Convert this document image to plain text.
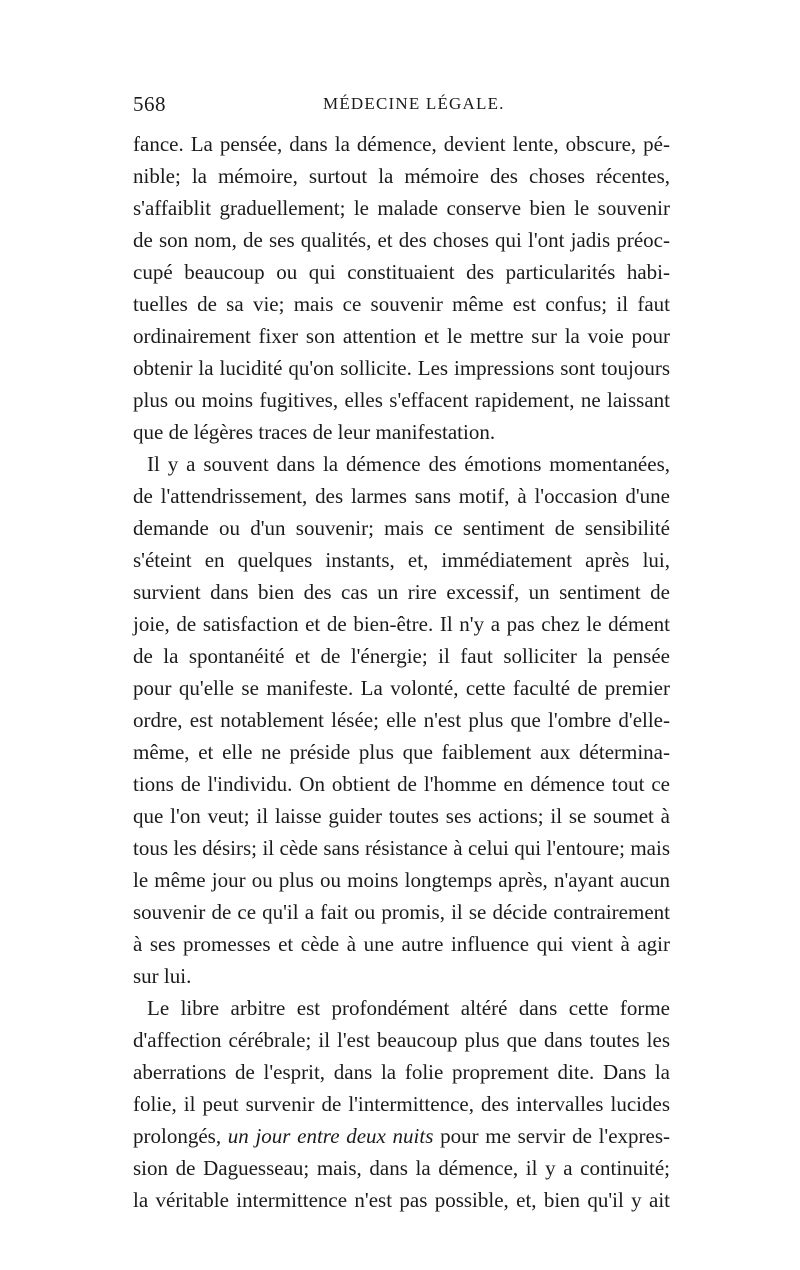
568	MÉDECINE LÉGALE.
fance. La pensée, dans la démence, devient lente, obscure, pé-
nible; la mémoire, surtout la mémoire des choses récentes,
s'affaiblit graduellement; le malade conserve bien le souvenir
de son nom, de ses qualités, et des choses qui l'ont jadis préoc-
cupé beaucoup ou qui constituaient des particularités habi-
tuelles de sa vie; mais ce souvenir même est confus; il faut
ordinairement fixer son attention et le mettre sur la voie pour
obtenir la lucidité qu'on sollicite. Les impressions sont toujours
plus ou moins fugitives, elles s'effacent rapidement, ne laissant
que de légères traces de leur manifestation.
Il y a souvent dans la démence des émotions momentanées,
de l'attendrissement, des larmes sans motif, à l'occasion d'une
demande ou d'un souvenir; mais ce sentiment de sensibilité
s'éteint en quelques instants, et, immédiatement après lui,
survient dans bien des cas un rire excessif, un sentiment de
joie, de satisfaction et de bien-être. Il n'y a pas chez le dément
de la spontanéité et de l'énergie; il faut solliciter la pensée
pour qu'elle se manifeste. La volonté, cette faculté de premier
ordre, est notablement lésée; elle n'est plus que l'ombre d'elle-
même, et elle ne préside plus que faiblement aux détermina-
tions de l'individu. On obtient de l'homme en démence tout ce
que l'on veut; il laisse guider toutes ses actions; il se soumet à
tous les désirs; il cède sans résistance à celui qui l'entoure; mais
le même jour ou plus ou moins longtemps après, n'ayant aucun
souvenir de ce qu'il a fait ou promis, il se décide contrairement
à ses promesses et cède à une autre influence qui vient à agir
sur lui.
Le libre arbitre est profondément altéré dans cette forme
d'affection cérébrale; il l'est beaucoup plus que dans toutes les
aberrations de l'esprit, dans la folie proprement dite. Dans la
folie, il peut survenir de l'intermittence, des intervalles lucides
prolongés, un jour entre deux nuits pour me servir de l'expres-
sion de Daguesseau; mais, dans la démence, il y a continuité;
la véritable intermittence n'est pas possible, et, bien qu'il y ait
